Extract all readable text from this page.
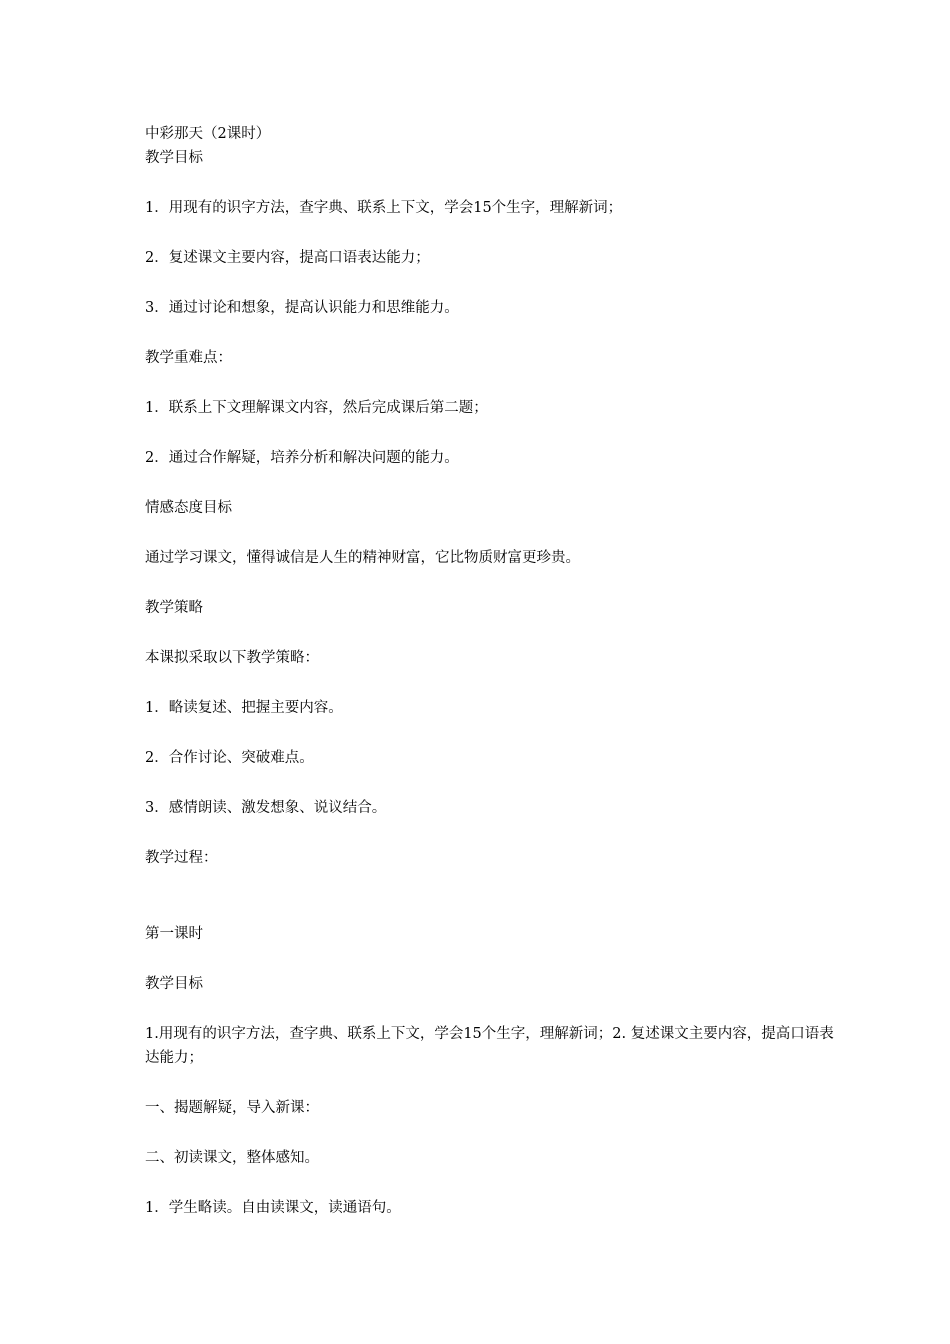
中彩那天（2课时）
教学目标
1．用现有的识字方法，查字典、联系上下文，学会15个生字，理解新词；
2．复述课文主要内容，提高口语表达能力；
3．通过讨论和想象，提高认识能力和思维能力。
教学重难点：
1．联系上下文理解课文内容，然后完成课后第二题；
2．通过合作解疑，培养分析和解决问题的能力。
情感态度目标
通过学习课文，懂得诚信是人生的精神财富，它比物质财富更珍贵。
教学策略
本课拟采取以下教学策略：
1．略读复述、把握主要内容。
2．合作讨论、突破难点。
3．感情朗读、激发想象、说议结合。
教学过程：
第一课时
教学目标
1.用现有的识字方法，查字典、联系上下文，学会15个生字，理解新词；2. 复述课文主要内容，提高口语表达能力；
一、揭题解疑，导入新课：
二、初读课文，整体感知。
1．学生略读。自由读课文，读通语句。
